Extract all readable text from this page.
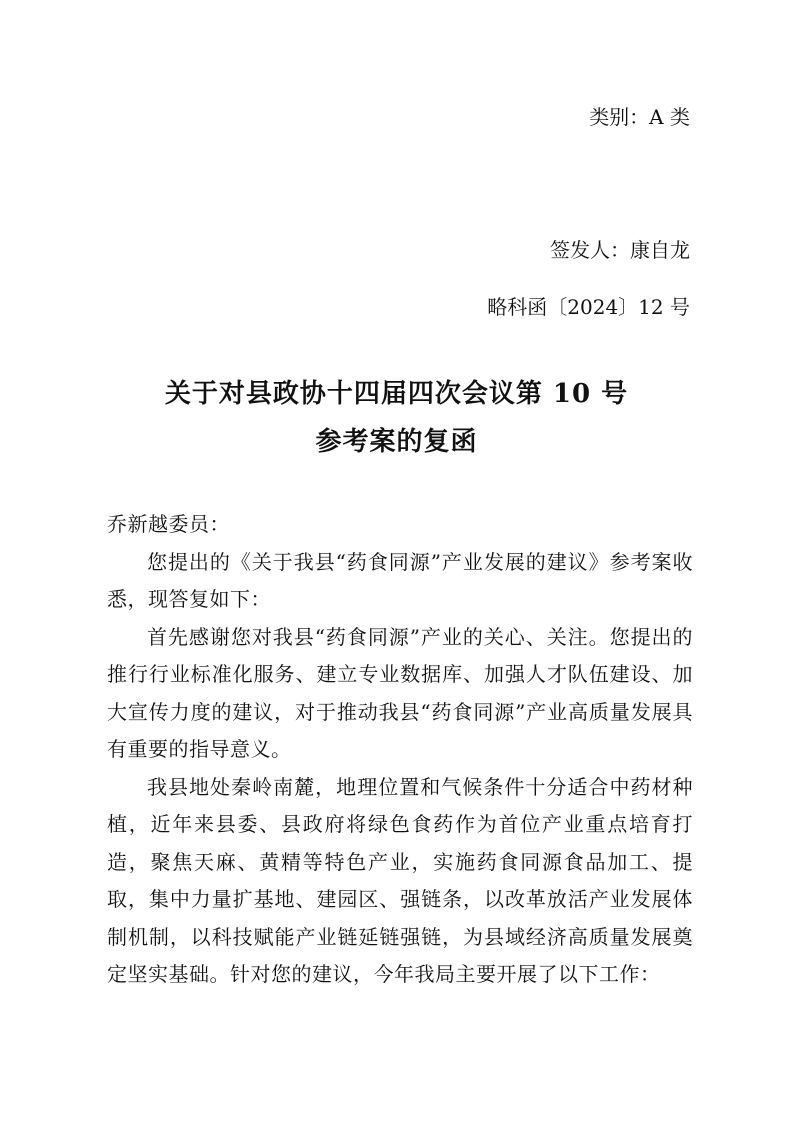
类别：A 类
签发人：康自龙
略科函〔2024〕12 号
关于对县政协十四届四次会议第 10 号
参考案的复函

乔新越委员：

您提出的《关于我县“药食同源”产业发展的建议》参考案收悉，现答复如下：

首先感谢您对我县“药食同源”产业的关心、关注。您提出的推行行业标准化服务、建立专业数据库、加强人才队伍建设、加大宣传力度的建议，对于推动我县“药食同源”产业高质量发展具有重要的指导意义。

我县地处秦岭南麓，地理位置和气候条件十分适合中药材种植，近年来县委、县政府将绿色食药作为首位产业重点培育打造，聚焦天麻、黄精等特色产业，实施药食同源食品加工、提取，集中力量扩基地、建园区、强链条，以改革放活产业发展体制机制，以科技赋能产业链延链强链，为县域经济高质量发展奠定坚实基础。针对您的建议，今年我局主要开展了以下工作：
